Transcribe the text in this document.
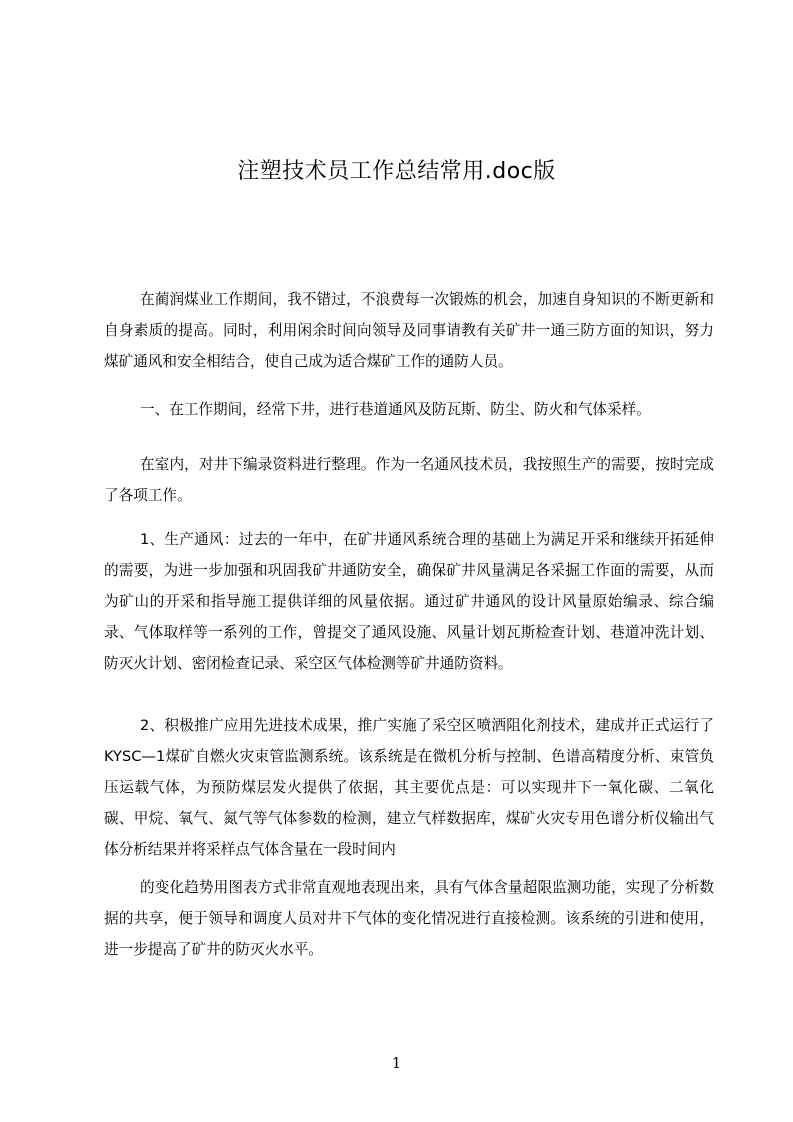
注塑技术员工作总结常用.doc版

在蔺润煤业工作期间，我不错过，不浪费每一次锻炼的机会，加速自身知识的不断更新和自身素质的提高。同时，利用闲余时间向领导及同事请教有关矿井一通三防方面的知识，努力煤矿通风和安全相结合，使自己成为适合煤矿工作的通防人员。

一、在工作期间，经常下井，进行巷道通风及防瓦斯、防尘、防火和气体采样。

在室内，对井下编录资料进行整理。作为一名通风技术员，我按照生产的需要，按时完成了各项工作。

1、生产通风：过去的一年中，在矿井通风系统合理的基础上为满足开采和继续开拓延伸的需要，为进一步加强和巩固我矿井通防安全，确保矿井风量满足各采掘工作面的需要，从而为矿山的开采和指导施工提供详细的风量依据。通过矿井通风的设计风量原始编录、综合编录、气体取样等一系列的工作，曾提交了通风设施、风量计划瓦斯检查计划、巷道冲洗计划、防灭火计划、密闭检查记录、采空区气体检测等矿井通防资料。

2、积极推广应用先进技术成果，推广实施了采空区喷洒阻化剂技术，建成并正式运行了KYSC—1煤矿自燃火灾束管监测系统。该系统是在微机分析与控制、色谱高精度分析、束管负压运载气体，为预防煤层发火提供了依据，其主要优点是：可以实现井下一氧化碳、二氧化碳、甲烷、氧气、氮气等气体参数的检测，建立气样数据库，煤矿火灾专用色谱分析仪输出气体分析结果并将采样点气体含量在一段时间内

的变化趋势用图表方式非常直观地表现出来，具有气体含量超限监测功能，实现了分析数据的共享，便于领导和调度人员对井下气体的变化情况进行直接检测。该系统的引进和使用，进一步提高了矿井的防灭火水平。

1
